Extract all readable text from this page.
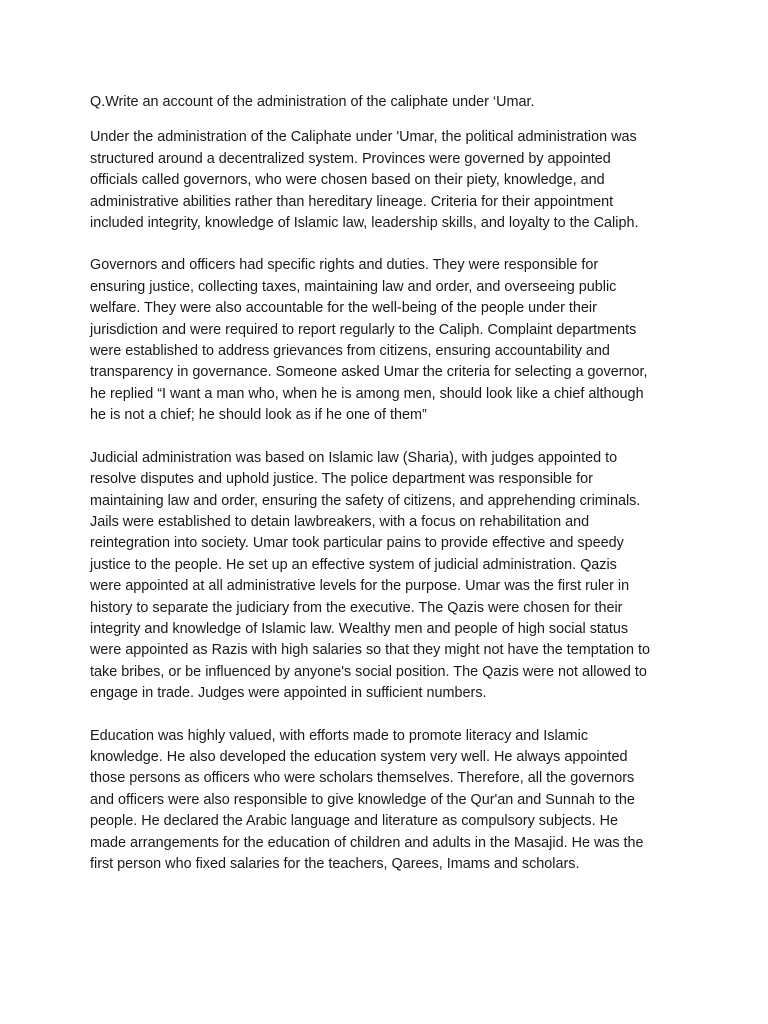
Q.Write an account of the administration of the caliphate under ‘Umar.
Under the administration of the Caliphate under 'Umar, the political administration was
structured around a decentralized system. Provinces were governed by appointed
officials called governors, who were chosen based on their piety, knowledge, and
administrative abilities rather than hereditary lineage. Criteria for their appointment
included integrity, knowledge of Islamic law, leadership skills, and loyalty to the Caliph.
Governors and officers had specific rights and duties. They were responsible for
ensuring justice, collecting taxes, maintaining law and order, and overseeing public
welfare. They were also accountable for the well-being of the people under their
jurisdiction and were required to report regularly to the Caliph. Complaint departments
were established to address grievances from citizens, ensuring accountability and
transparency in governance. Someone asked Umar the criteria for selecting a governor,
he replied “I want a man who, when he is among men, should look like a chief although
he is not a chief; he should look as if he one of them”
Judicial administration was based on Islamic law (Sharia), with judges appointed to
resolve disputes and uphold justice. The police department was responsible for
maintaining law and order, ensuring the safety of citizens, and apprehending criminals.
Jails were established to detain lawbreakers, with a focus on rehabilitation and
reintegration into society. Umar took particular pains to provide effective and speedy
justice to the people. He set up an effective system of judicial administration. Qazis
were appointed at all administrative levels for the purpose. Umar was the first ruler in
history to separate the judiciary from the executive. The Qazis were chosen for their
integrity and knowledge of Islamic law. Wealthy men and people of high social status
were appointed as Razis with high salaries so that they might not have the temptation to
take bribes, or be influenced by anyone's social position. The Qazis were not allowed to
engage in trade. Judges were appointed in sufficient numbers.
Education was highly valued, with efforts made to promote literacy and Islamic
knowledge. He also developed the education system very well. He always appointed
those persons as officers who were scholars themselves. Therefore, all the governors
and officers were also responsible to give knowledge of the Qur'an and Sunnah to the
people. He declared the Arabic language and literature as compulsory subjects. He
made arrangements for the education of children and adults in the Masajid. He was the
first person who fixed salaries for the teachers, Qarees, Imams and scholars.
